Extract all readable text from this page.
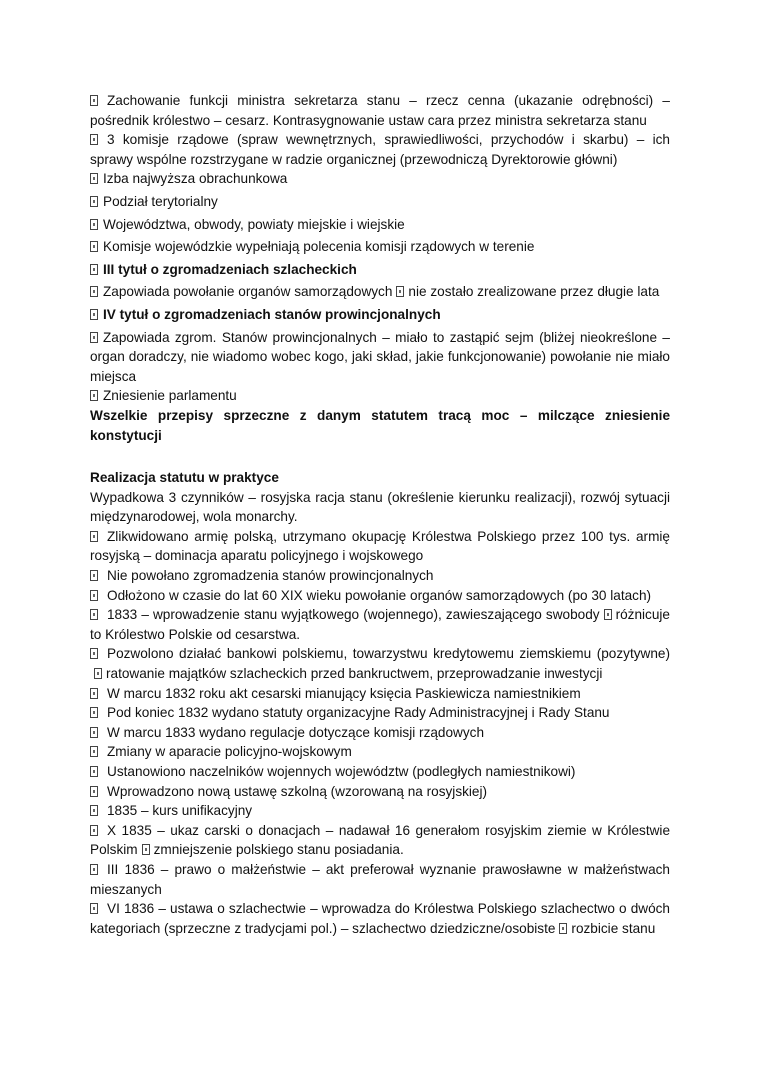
Zachowanie funkcji ministra sekretarza stanu – rzecz cenna (ukazanie odrębności) – pośrednik królestwo – cesarz. Kontrasygnowanie ustaw cara przez ministra sekretarza stanu

3 komisje rządowe (spraw wewnętrznych, sprawiedliwości, przychodów i skarbu) – ich sprawy wspólne rozstrzygane w radzie organicznej (przewodniczą Dyrektorowie główni)

Izba najwyższa obrachunkowa

Podział terytorialny

Województwa, obwody, powiaty miejskie i wiejskie

Komisje wojewódzkie wypełniają polecenia komisji rządowych w terenie

III tytuł o zgromadzeniach szlacheckich

Zapowiada powołanie organów samorządowych nie zostało zrealizowane przez długie lata

IV tytuł o zgromadzeniach stanów prowincjonalnych

Zapowiada zgrom. Stanów prowincjonalnych – miało to zastąpić sejm (bliżej nieokreślone – organ doradczy, nie wiadomo wobec kogo, jaki skład, jakie funkcjonowanie) powołanie nie miało miejsca

Zniesienie parlamentu

Wszelkie przepisy sprzeczne z danym statutem tracą moc – milczące zniesienie konstytucji

Realizacja statutu w praktyce

Wypadkowa 3 czynników – rosyjska racja stanu (określenie kierunku realizacji), rozwój sytuacji międzynarodowej, wola monarchy.

Zlikwidowano armię polską, utrzymano okupację Królestwa Polskiego przez 100 tys. armię rosyjską – dominacja aparatu policyjnego i wojskowego

Nie powołano zgromadzenia stanów prowincjonalnych

Odłożono w czasie do lat 60 XIX wieku powołanie organów samorządowych (po 30 latach)

1833 – wprowadzenie stanu wyjątkowego (wojennego), zawieszającego swobody różnicuje to Królestwo Polskie od cesarstwa.

Pozwolono działać bankowi polskiemu, towarzystwu kredytowemu ziemskiemu (pozytywne)ratowanie majątków szlacheckich przed bankructwem, przeprowadzanie inwestycji

W marcu 1832 roku akt cesarski mianujący księcia Paskiewicza namiestnikiem

Pod koniec 1832 wydano statuty organizacyjne Rady Administracyjnej i Rady Stanu

W marcu 1833 wydano regulacje dotyczące komisji rządowych

Zmiany w aparacie policyjno-wojskowym

Ustanowiono naczelników wojennych województw (podległych namiestnikowi)

Wprowadzono nową ustawę szkolną (wzorowaną na rosyjskiej)

1835 – kurs unifikacyjny

X 1835 – ukaz carski o donacjach – nadawał 16 generałom rosyjskim ziemie w Królestwie Polskim zmniejszenie polskiego stanu posiadania.

III 1836 – prawo o małżeństwie – akt preferował wyznanie prawosławne w małżeństwach mieszanych

VI 1836 – ustawa o szlachectwie – wprowadza do Królestwa Polskiego szlachectwo o dwóch kategoriach (sprzeczne z tradycjami pol.) – szlachectwo dziedziczne/osobiste rozbicie stanu
